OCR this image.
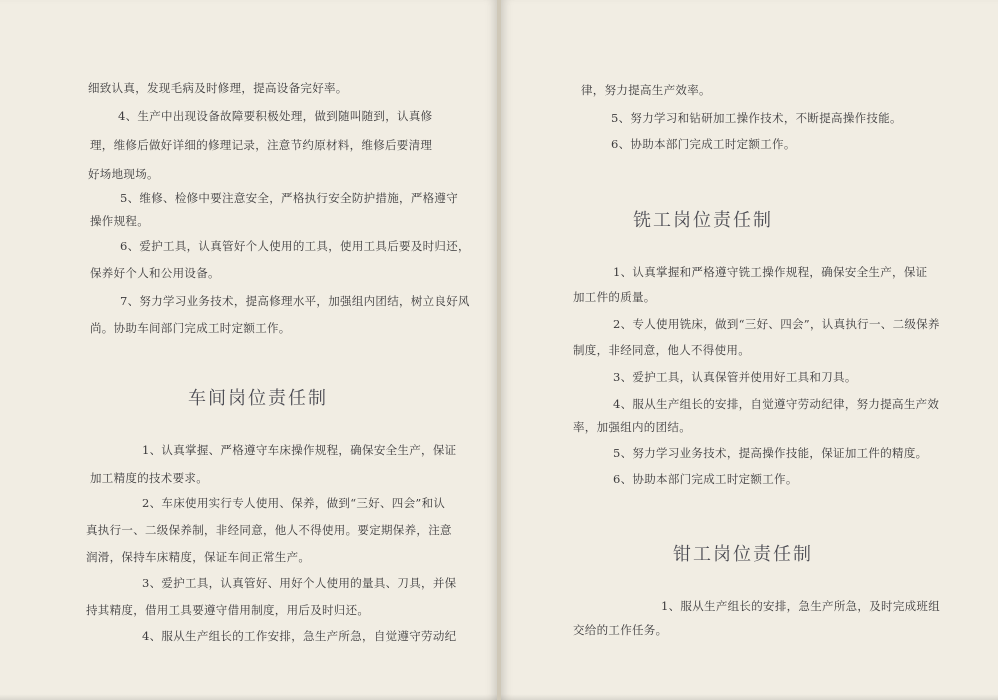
细致认真，发现毛病及时修理，提高设备完好率。
4、生产中出现设备故障要积极处理，做到随叫随到，认真修
理，维修后做好详细的修理记录，注意节约原材料，维修后要清理
好场地现场。
5、维修、检修中要注意安全，严格执行安全防护措施，严格遵守
操作规程。
6、爱护工具，认真管好个人使用的工具，使用工具后要及时归还，
保养好个人和公用设备。
7、努力学习业务技术，提高修理水平，加强组内团结，树立良好风
尚。协助车间部门完成工时定额工作。
车间岗位责任制
1、认真掌握、严格遵守车床操作规程，确保安全生产，保证
加工精度的技术要求。
2、车床使用实行专人使用、保养，做到“三好、四会”和认
真执行一、二级保养制，非经同意，他人不得使用。要定期保养，注意
润滑，保持车床精度，保证车间正常生产。
3、爱护工具，认真管好、用好个人使用的量具、刀具，并保
持其精度，借用工具要遵守借用制度，用后及时归还。
4、服从生产组长的工作安排，急生产所急，自觉遵守劳动纪
律，努力提高生产效率。
5、努力学习和钻研加工操作技术，不断提高操作技能。
6、协助本部门完成工时定额工作。
铣工岗位责任制
1、认真掌握和严格遵守铣工操作规程，确保安全生产，保证
加工件的质量。
2、专人使用铣床，做到“三好、四会”，认真执行一、二级保养
制度，非经同意，他人不得使用。
3、爱护工具，认真保管并使用好工具和刀具。
4、服从生产组长的安排，自觉遵守劳动纪律，努力提高生产效
率，加强组内的团结。
5、努力学习业务技术，提高操作技能，保证加工件的精度。
6、协助本部门完成工时定额工作。
钳工岗位责任制
1、服从生产组长的安排，急生产所急，及时完成班组
交给的工作任务。
